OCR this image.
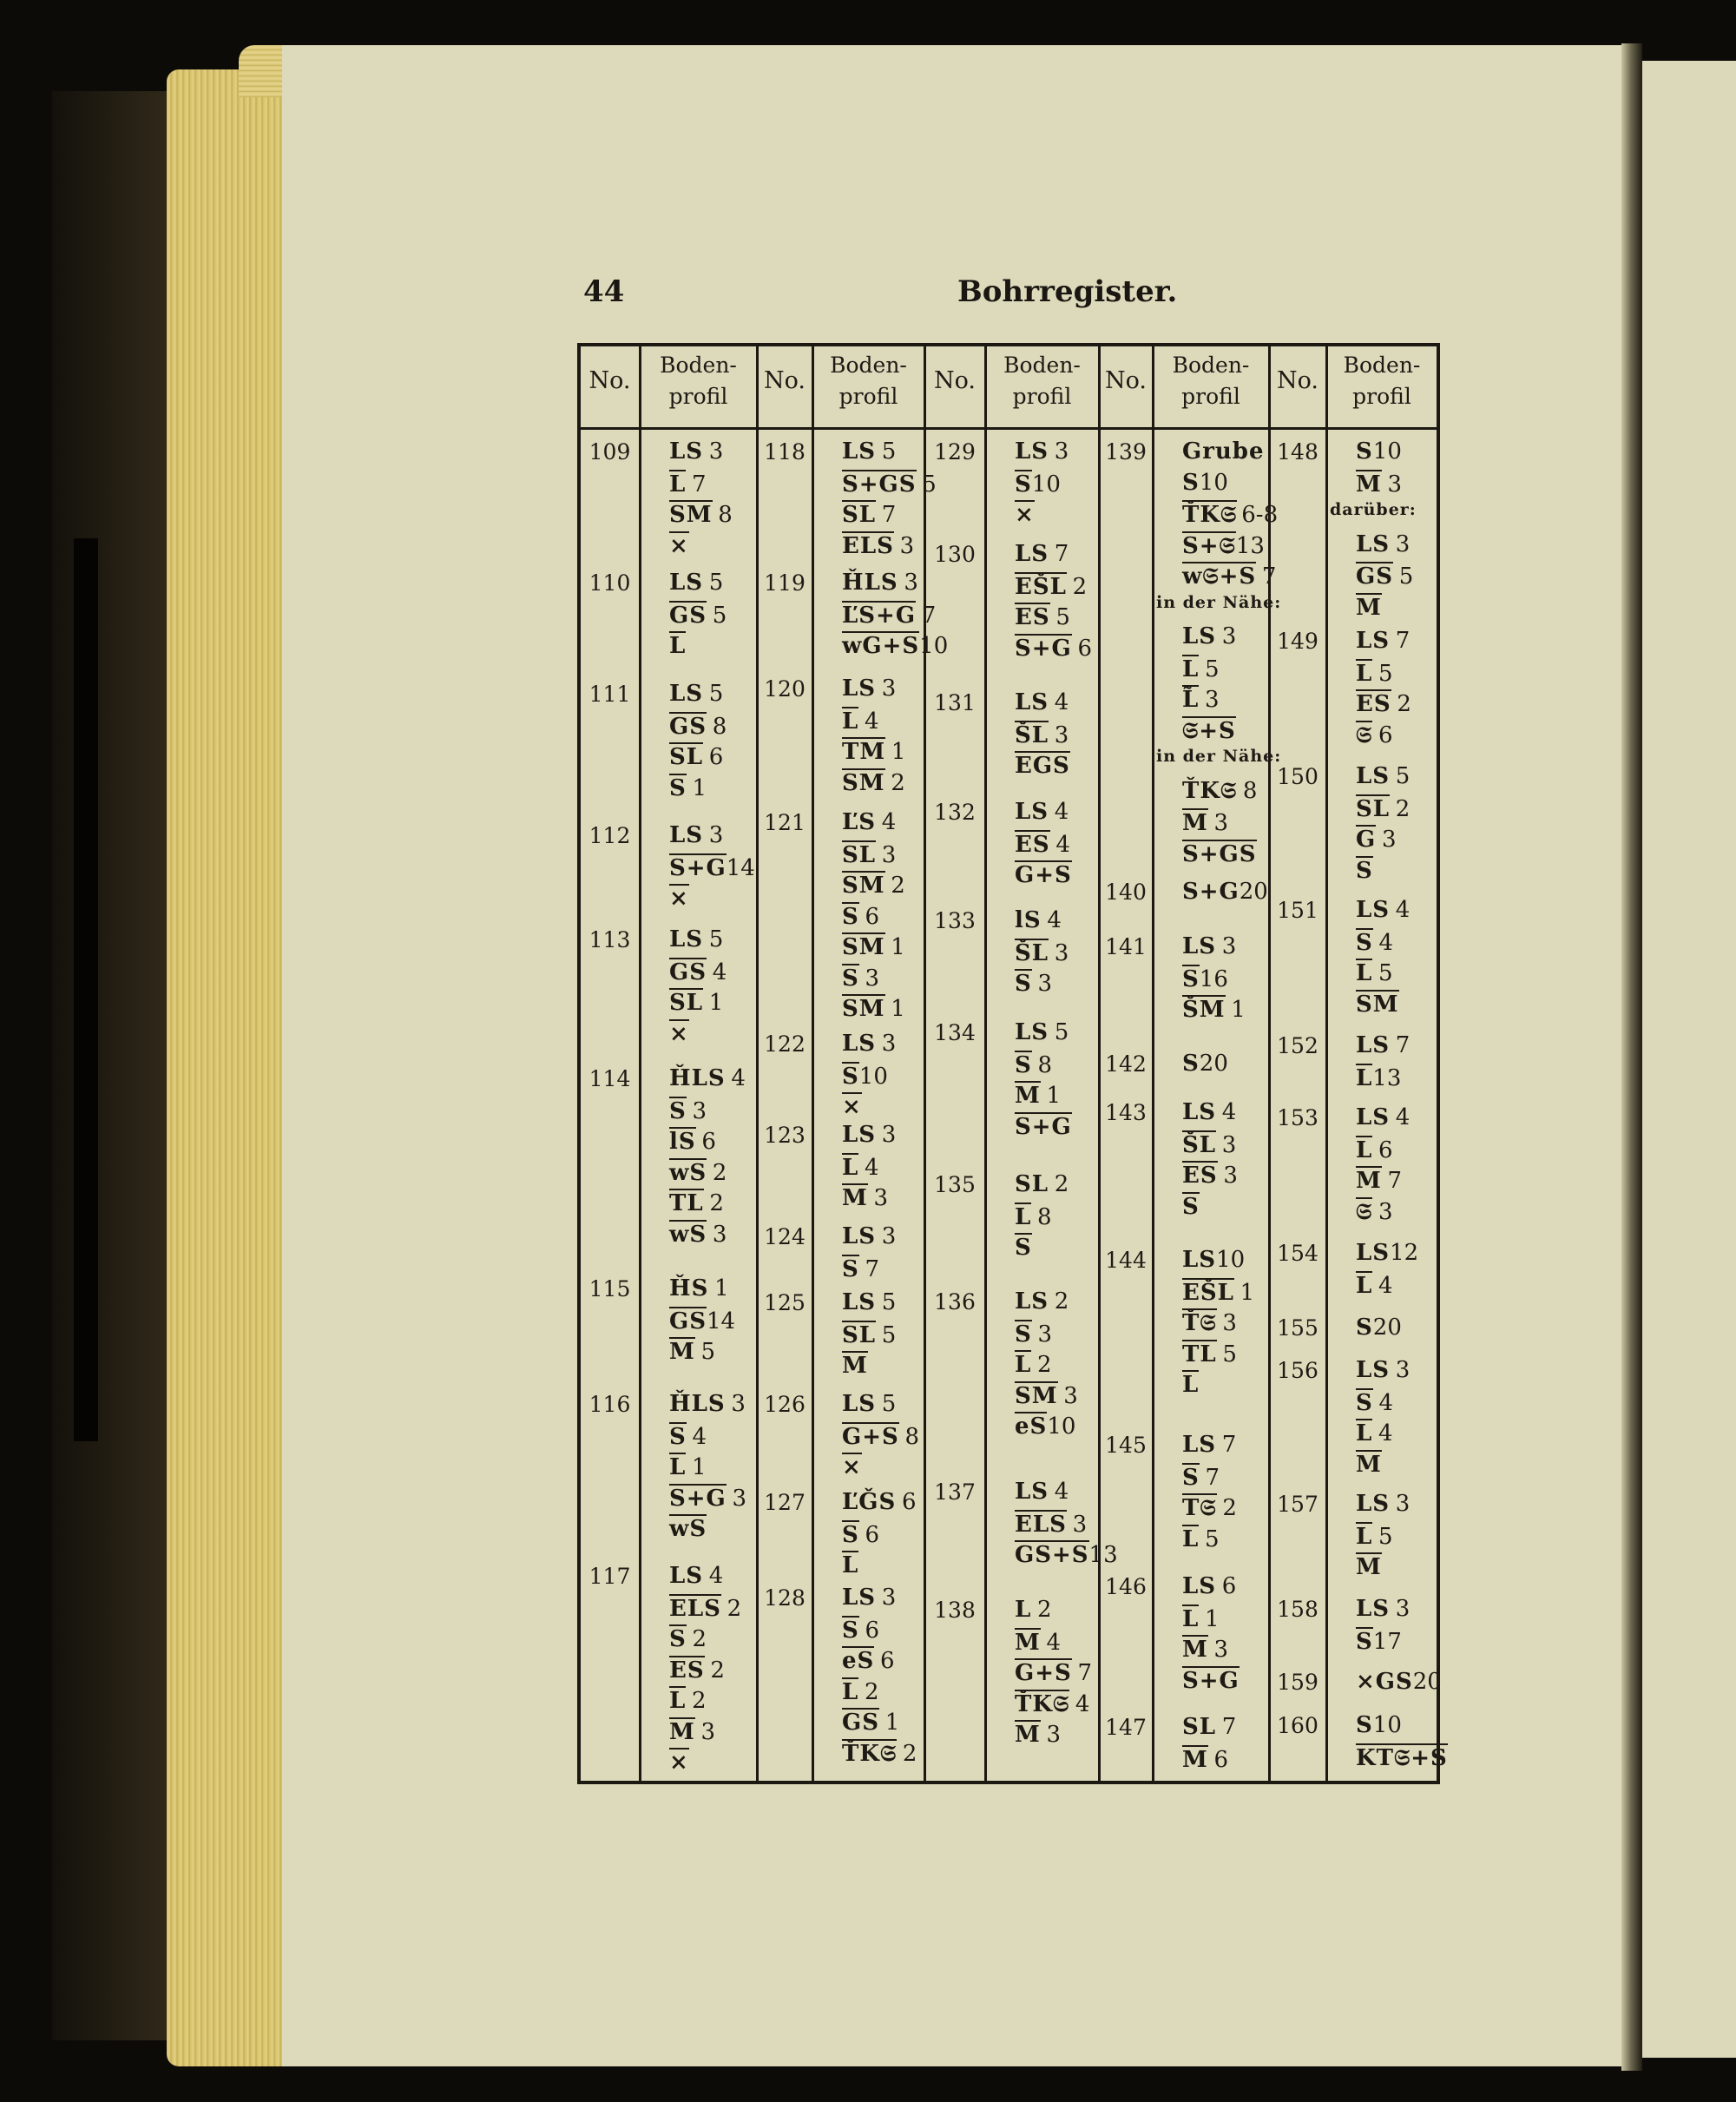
44	Bohrregister.
No.
Boden-
profil
No.
Boden-
profil
No.
Boden-
profil
No.
Boden-
profil
No.
Boden-
profil
109 LS 3
L 7
SM 8
×
110 LS 5
GS 5
L
111 LS 5
GS 8
SL 6
S 1
112 LS 3
S+G14
×
113 LS 5
GS 4
SL 1
×
114 ȞLS 4
S 3
lS 6
wS 2
TL 2
wS 3
115 ȞS 1
GS14
M 5
116 ȞLS 3
S 4
L 1
S+G 3
wS
117 LS 4
ELS 2
S 2
ES 2
L 2
M 3
×
118 LS 5
S+GS 5
SL 7
ELS 3
119 ȞLS 3
ĽS+G 7
wG+S10
120 LS 3
L 4
TM 1
SM 2
121 ĽS 4
SL 3
SM 2
S 6
SM 1
S 3
SM 1
122 LS 3
S10
×
123 LS 3
L 4
M 3
124 LS 3
S 7
125 LS 5
SL 5
M
126 LS 5
G+S 8
×
127 ĽǦS 6
S 6
L
128 LS 3
S 6
eS 6
L 2
GS 1
ŤK𝔖 2
129 LS 3
S10
×
130 LS 7
EŠL 2
ES 5
S+G 6
131 LS 4
ŠL 3
EGS
132 LS 4
ES 4
G+S
133 lS 4
ŠL 3
S 3
134 LS 5
S 8
M 1
S+G
135 SL 2
L 8
S
136 LS 2
S 3
L 2
SM 3
eS10
137 LS 4
ELS 3
GS+S13
138 L 2
M 4
G+S 7
ŤK𝔖 4
M 3
139 Grube
S10
ŤK𝔖 6-8
S+𝔖13
w𝔖+S 7
in der Nähe:
LS 3
L 5
L̃ 3
𝔖+S
in der Nähe:
ŤK𝔖 8
M 3
S+GS
140 S+G20
141 LS 3
S16
ŠM 1
142 S20
143 LS 4
ŠL 3
ES 3
S
144 LS10
EŠL 1
Ť𝔖 3
TL 5
L
145 LS 7
S 7
T𝔖 2
L 5
146 LS 6
L 1
M 3
S+G
147 SL 7
M 6
148 S10
M 3
darüber:
LS 3
GS 5
M
149 LS 7
L 5
ES 2
𝔖 6
150 LS 5
SL 2
G 3
S
151 LS 4
S 4
L 5
SM
152 LS 7
L13
153 LS 4
L 6
M 7
𝔖 3
154 LS12
L 4
155 S20
156 LS 3
S 4
L 4
M
157 LS 3
L 5
M
158 LS 3
S17
159 ×GS20
160 S10
KT𝔖+S
